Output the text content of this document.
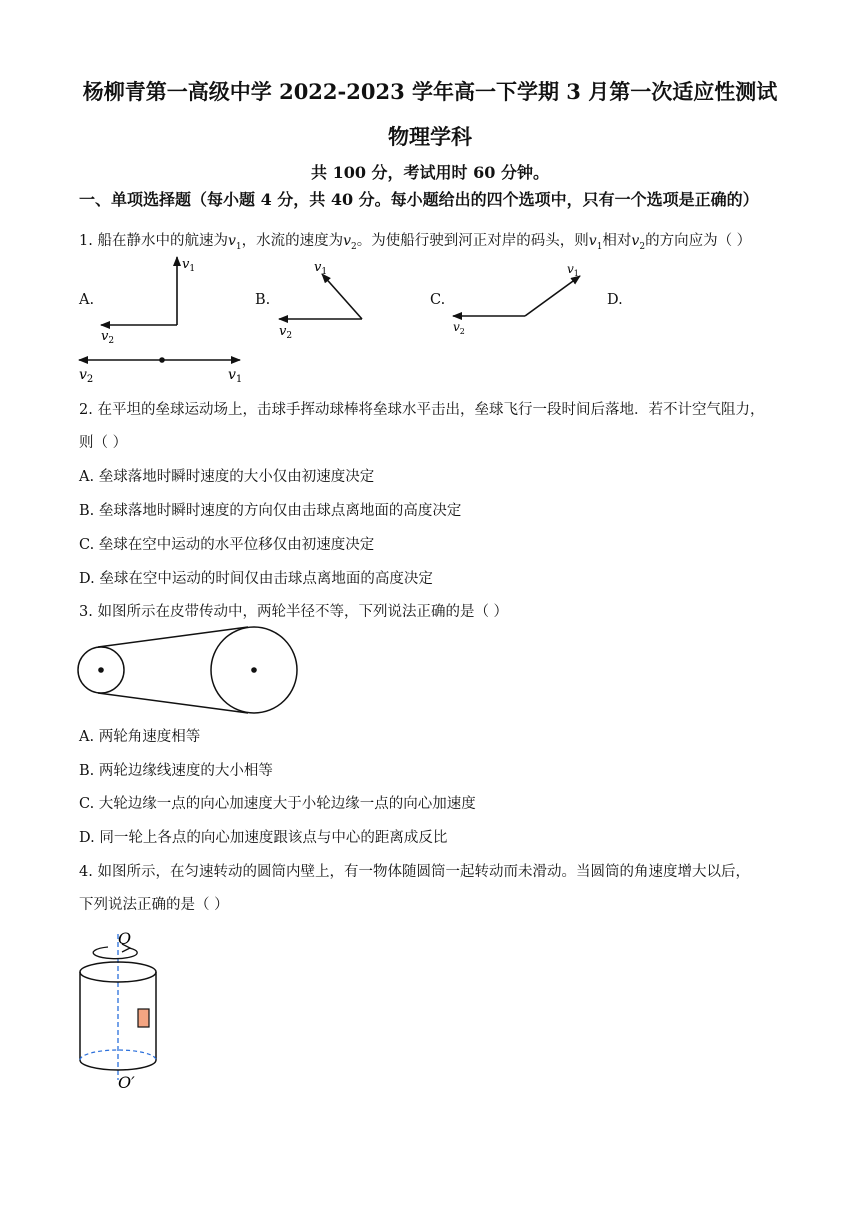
杨柳青第一高级中学 2022-2023 学年高一下学期 3 月第一次适应性测试
物理学科
共 100 分，考试用时 60 分钟。
一、单项选择题（每小题 4 分，共 40 分。每小题给出的四个选项中，只有一个选项是正确的）
1. 船在静水中的航速为$v_1$，水流的速度为$v_2$。为使船行驶到河正对岸的码头，则$v_1$相对$v_2$的方向应为（ ）
A.	B.	C.	D.
$v_1$
$v_2$
$v_1$
$v_2$
$v_1$
$v_2$
$v_2$	$v_1$
2. 在平坦的垒球运动场上，击球手挥动球棒将垒球水平击出，垒球飞行一段时间后落地．若不计空气阻力，
则（ ）
A. 垒球落地时瞬时速度的大小仅由初速度决定
B. 垒球落地时瞬时速度的方向仅由击球点离地面的高度决定
C. 垒球在空中运动的水平位移仅由初速度决定
D. 垒球在空中运动的时间仅由击球点离地面的高度决定
3. 如图所示在皮带传动中，两轮半径不等，下列说法正确的是（ ）
A. 两轮角速度相等
B. 两轮边缘线速度的大小相等
C. 大轮边缘一点的向心加速度大于小轮边缘一点的向心加速度
D. 同一轮上各点的向心加速度跟该点与中心的距离成反比
4. 如图所示，在匀速转动的圆筒内壁上，有一物体随圆筒一起转动而未滑动。当圆筒的角速度增大以后，
下列说法正确的是（ ）
O
O′
